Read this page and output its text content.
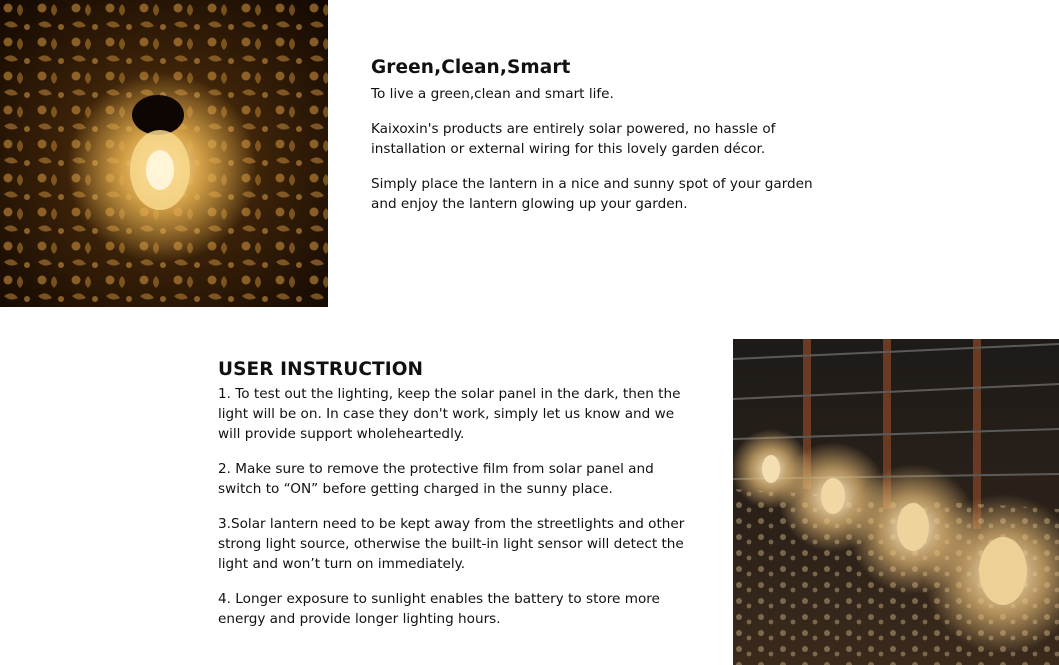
Green,Clean,Smart

To live a green,clean and smart life.

Kaixoxin's products are entirely solar powered, no hassle of installation or external wiring for this lovely garden décor.

Simply place the lantern in a nice and sunny spot of your garden and enjoy the lantern glowing up your garden.

USER INSTRUCTION

1. To test out the lighting, keep the solar panel in the dark, then the light will be on. In case they don't work, simply let us know and we will provide support wholeheartedly.

2. Make sure to remove the protective film from solar panel and switch to “ON” before getting charged in the sunny place.

3.Solar lantern need to be kept away from the streetlights and other strong light source, otherwise the built-in light sensor will detect the light and won’t turn on immediately.

4. Longer exposure to sunlight enables the battery to store more energy and provide longer lighting hours.
